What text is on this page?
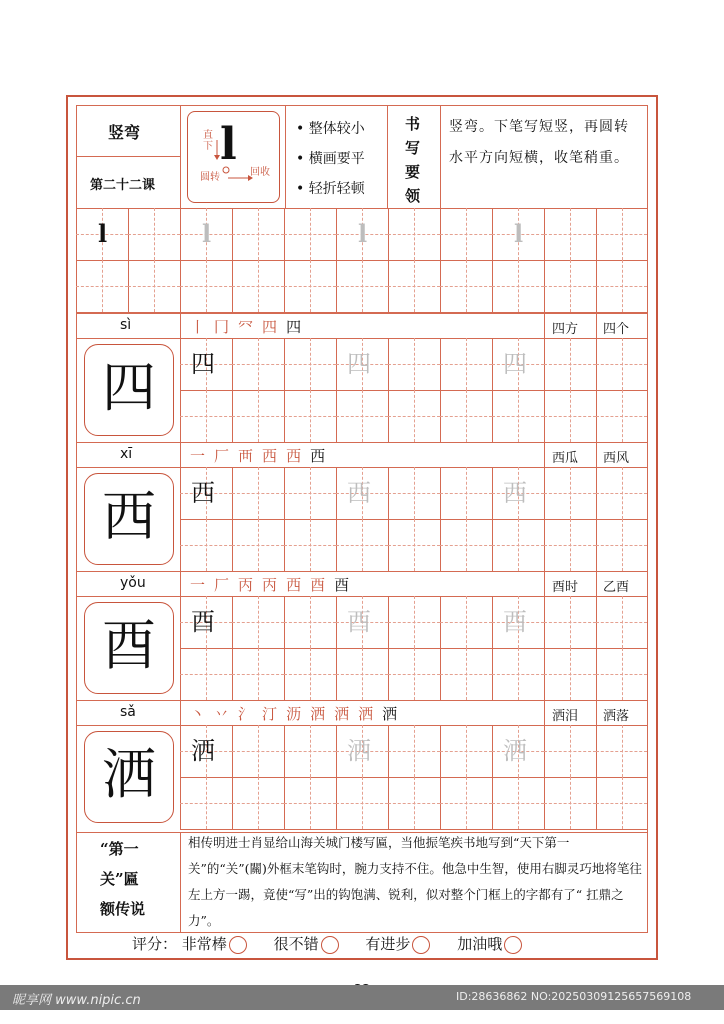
竖弯
第二十二课
l
直下
圆转	回收
• 整体较小
• 横画要平
• 轻折轻顿
书
写
要
领
竖弯。下笔写短竖，再圆转水平方向短横，收笔稍重。
l	l	l	l
sì	丨 冂 㓁 四 四	四方 四个
四 四	四	四
xī	一 厂 襾 西 西 西	西瓜 西风
西 西	西	西
yǒu	一 厂 丙 丙 西 酉 酉	酉时 乙酉
酉 酉	酉	酉
sǎ	丶 丷 氵 汀 沥 洒 洒 洒 洒	洒泪 洒落
洒 洒	洒	洒
“第一
关”匾
额传说
相传明进士肖显给山海关城门楼写匾，当他振笔疾书地写到“天下第一关”的“关”(關)外框末笔钩时，腕力支持不住。他急中生智，使用右脚灵巧地将笔往左上方一踢，竟使“写”出的钩饱满、锐利，似对整个门框上的字都有了“ 扛鼎之力”。
评分： 非常棒	很不错	有进步	加油哦
昵享网 www.nipic.cn	ID:28636862 NO:20250309125657569108
